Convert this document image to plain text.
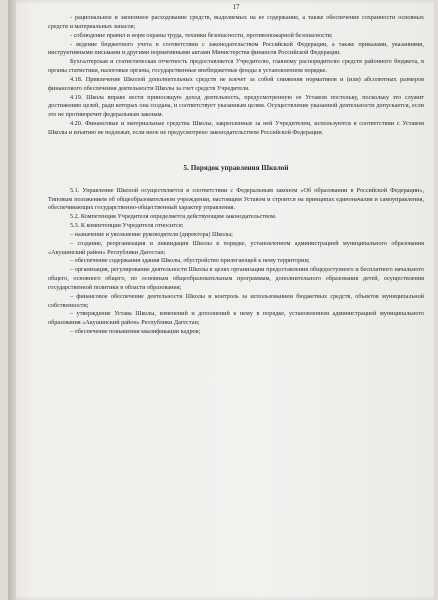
17

- рациональное и экономное расходование средств, выделяемых на ее содержание, а также обеспечение сохранности основных средств и материальных запасов;

- соблюдение правил и норм охраны труда, техники безопасности, противопожарной безопасности;

- ведение бюджетного учета в соответствии с законодательством Российской Федерации, а также приказами, указаниями, инструктивными письмами и другими нормативными актами Министерства финансов Российской Федерации.

Бухгалтерская и статистическая отчетность предоставляется Учредителю, главному распорядителю средств районного бюджета, в органы статистики, налоговые органы, государственные внебюджетные фонды в установленном порядке.

4.18. Привлечение Школой дополнительных средств не влечет за собой снижения нормативов и (или) абсолютных размеров финансового обеспечения деятельности Школы за счет средств Учредителя.

4.19. Школа вправе вести приносящую доход деятельность, предусмотренную ее Уставом постольку, поскольку это служит достижению целей, ради которых она создана, и соответствует указанным целям. Осуществление указанной деятельности допускается, если это не противоречит федеральным законам.

4.20. Финансовые и материальные средства Школы, закрепленные за ней Учредителем, используются в соответствии с Уставом Школы и изъятию не подлежат, если иное не предусмотрено законодательством Российской Федерации.

5. Порядок управления Школой

5.1. Управление Школой осуществляется в соответствии с Федеральным законом «Об образовании в Российской Федерации», Типовым положением об общеобразовательном учреждении, настоящим Уставом и строится на принципах единоначалия и самоуправления, обеспечивающих государственно-общественный характер управления.

5.2. Компетенция Учредителя определяется действующим законодательством.

5.3. К компетенции Учредителя относится:

– назначение и увольнение руководителя (директора) Школы;

– создание, реорганизация и ликвидация Школы в порядке, установленном администрацией муниципального образования «Акушинский район» Республики Дагестан;

– обеспечение содержания здания Школы, обустройство прилегающей к нему территории;

– организация, регулирование деятельности Школы в целях организации предоставления общедоступного и бесплатного начального общего, основного общего, по основным общеобразовательным программам, дополнительного образования детей, осуществления государственной политики в области образования;

– финансовое обеспечение деятельности Школы и контроль за использованием бюджетных средств, объектов муниципальной собственности;

– утверждение Устава Школы, изменений и дополнений к нему в порядке, установленном администрацией муниципального образования «Акушинский район» Республики Дагестан;

– обеспечение повышения квалификации кадров;
